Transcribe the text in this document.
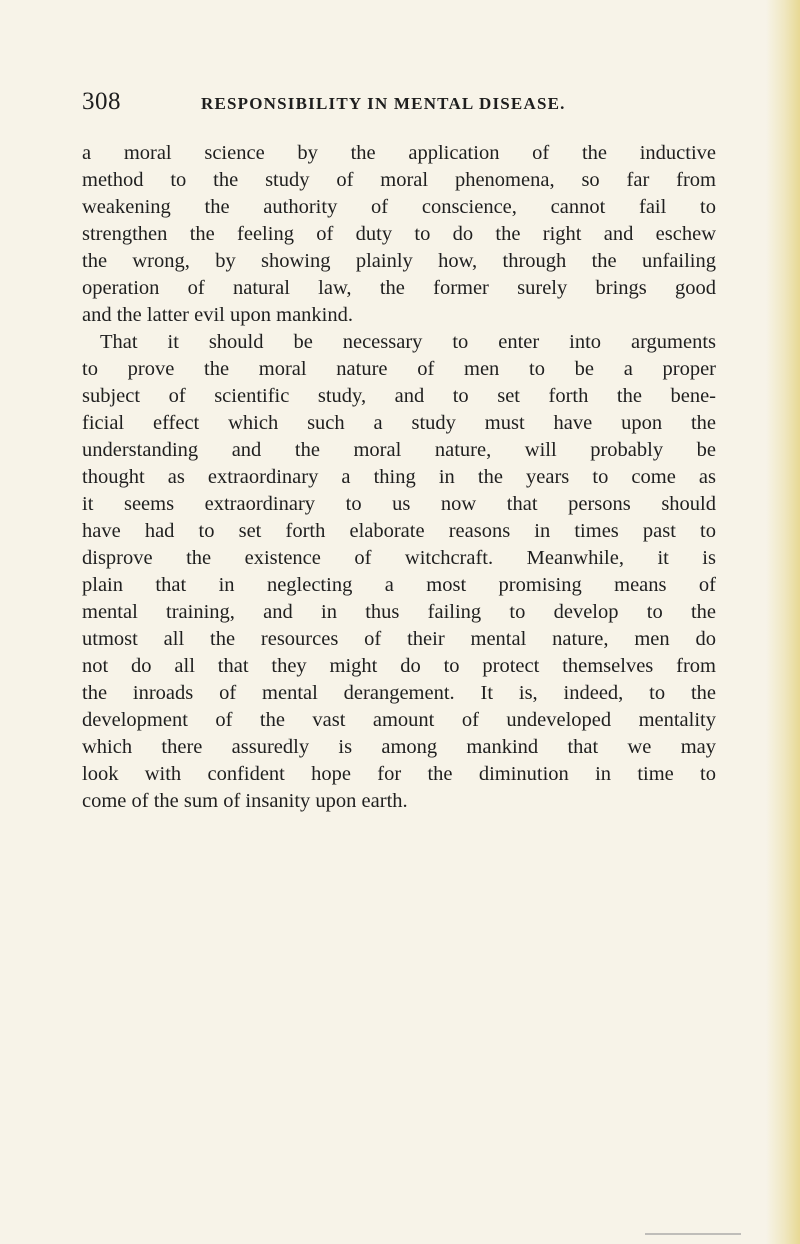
308	RESPONSIBILITY IN MENTAL DISEASE.
a moral science by the application of the inductive
method to the study of moral phenomena, so far from
weakening the authority of conscience, cannot fail to
strengthen the feeling of duty to do the right and eschew
the wrong, by showing plainly how, through the unfailing
operation of natural law, the former surely brings good
and the latter evil upon mankind.
That it should be necessary to enter into arguments
to prove the moral nature of men to be a proper
subject of scientific study, and to set forth the bene-
ficial effect which such a study must have upon the
understanding and the moral nature, will probably be
thought as extraordinary a thing in the years to come as
it seems extraordinary to us now that persons should
have had to set forth elaborate reasons in times past to
disprove the existence of witchcraft. Meanwhile, it is
plain that in neglecting a most promising means of
mental training, and in thus failing to develop to the
utmost all the resources of their mental nature, men do
not do all that they might do to protect themselves from
the inroads of mental derangement. It is, indeed, to the
development of the vast amount of undeveloped mentality
which there assuredly is among mankind that we may
look with confident hope for the diminution in time to
come of the sum of insanity upon earth.
